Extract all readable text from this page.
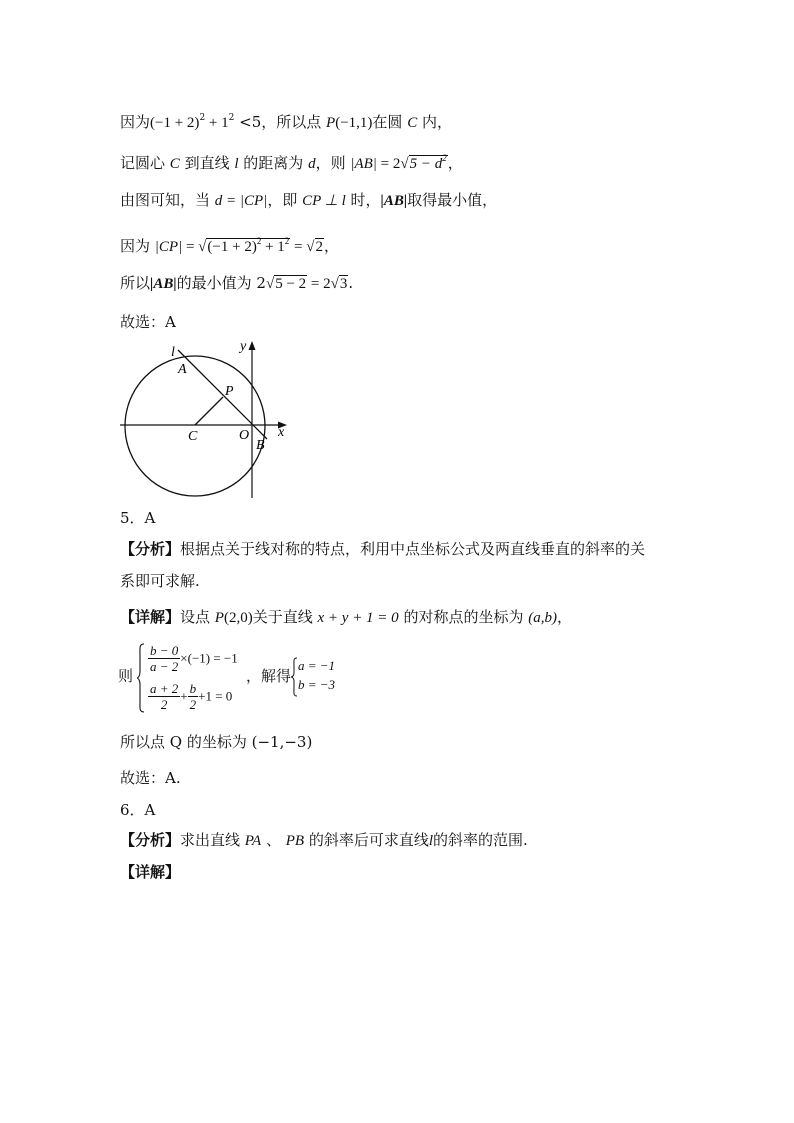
因为$(-1 + 2)^2 + 1^2 <5$，所以点 P(−1,1)在圆 C 内，
记圆心 C 到直线 l 的距离为 d，则 $|AB| = 2√5 - d^2$，
由图可知，当 d = |CP|，即 CP ⊥ l 时，|AB|取得最小值，
因为 $|CP| = √(-1 + 2)^2 + 1^2 = √2$，
所以|AB|的最小值为 2√5 − 2 = 2√3.
故选：A
l	y
A
P
C	O x
B
5．A
【分析】根据点关于线对称的特点，利用中点坐标公式及两直线垂直的斜率的关
系即可求解.
【详解】设点 P(2,0)关于直线 x + y + 1 = 0 的对称点的坐标为 (a,b)，
则
$\frac{b - 0}{a - 2} \times(-1) = -1$
$\frac{a + 2}{2} + \frac{b}{2} +1 = 0$
，解得
a = −1
b = −3
所以点 Q 的坐标为 (−1,−3)
故选：A.
6．A
【分析】求出直线 PA 、 PB 的斜率后可求直线l的斜率的范围.
【详解】
